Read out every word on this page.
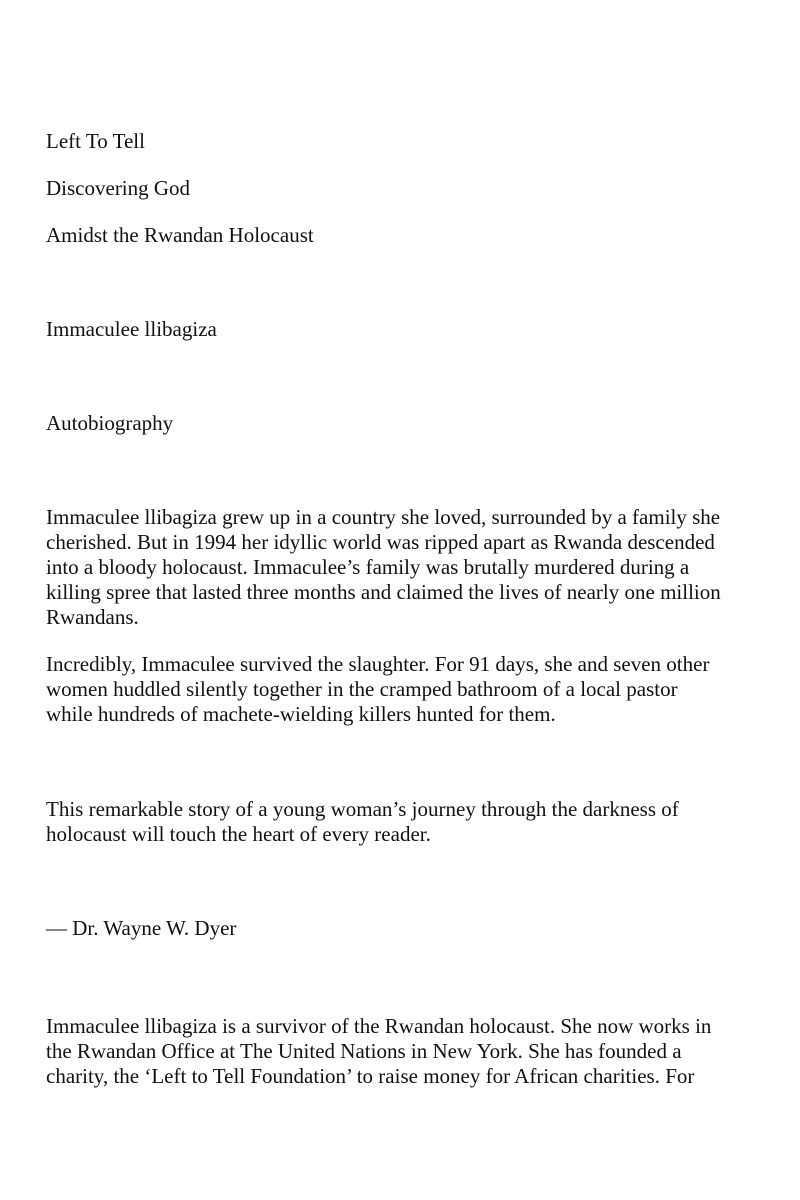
Left To Tell

Discovering God

Amidst the Rwandan Holocaust

Immaculee llibagiza

Autobiography

Immaculee llibagiza grew up in a country she loved, surrounded by a family she

cherished. But in 1994 her idyllic world was ripped apart as Rwanda descended

into a bloody holocaust. Immaculee’s family was brutally murdered during a

killing spree that lasted three months and claimed the lives of nearly one million

Rwandans.

Incredibly, Immaculee survived the slaughter. For 91 days, she and seven other

women huddled silently together in the cramped bathroom of a local pastor

while hundreds of machete-wielding killers hunted for them.

This remarkable story of a young woman’s journey through the darkness of

holocaust will touch the heart of every reader.

— Dr. Wayne W. Dyer

Immaculee llibagiza is a survivor of the Rwandan holocaust. She now works in

the Rwandan Office at The United Nations in New York. She has founded a

charity, the ‘Left to Tell Foundation’ to raise money for African charities. For
